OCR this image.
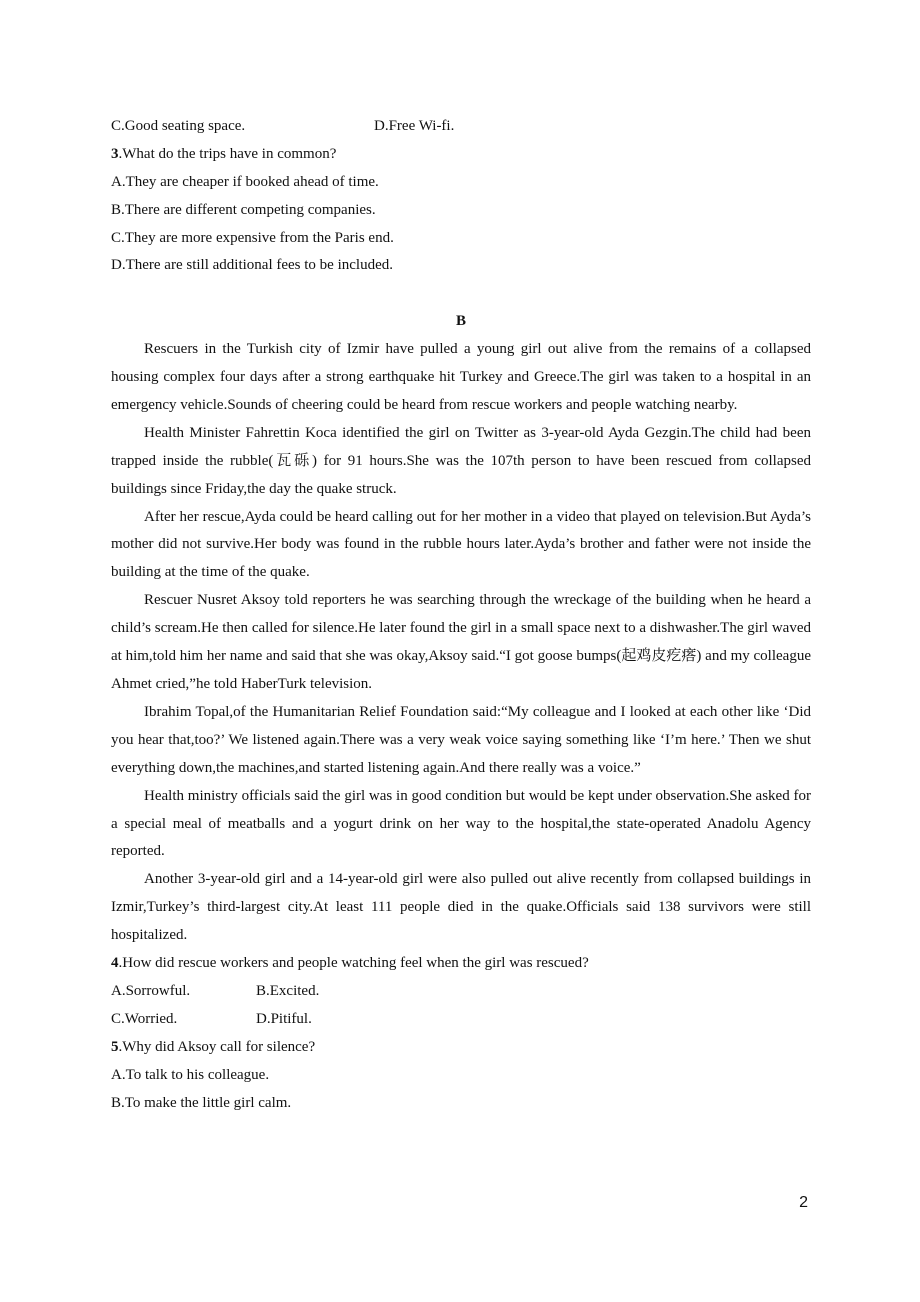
C.Good seating space.	D.Free Wi-fi.
3.What do the trips have in common?
A.They are cheaper if booked ahead of time.
B.There are different competing companies.
C.They are more expensive from the Paris end.
D.There are still additional fees to be included.
B

Rescuers in the Turkish city of Izmir have pulled a young girl out alive from the remains of a collapsed housing complex four days after a strong earthquake hit Turkey and Greece.The girl was taken to a hospital in an emergency vehicle.Sounds of cheering could be heard from rescue workers and people watching nearby.

Health Minister Fahrettin Koca identified the girl on Twitter as 3-year-old Ayda Gezgin.The child had been trapped inside the rubble(瓦砾) for 91 hours.She was the 107th person to have been rescued from collapsed buildings since Friday,the day the quake struck.

After her rescue,Ayda could be heard calling out for her mother in a video that played on television.But Ayda’s mother did not survive.Her body was found in the rubble hours later.Ayda’s brother and father were not inside the building at the time of the quake.

Rescuer Nusret Aksoy told reporters he was searching through the wreckage of the building when he heard a child’s scream.He then called for silence.He later found the girl in a small space next to a dishwasher.The girl waved at him,told him her name and said that she was okay,Aksoy said.“I got goose bumps(起鸡皮疙瘩) and my colleague Ahmet cried,”he told HaberTurk television.

Ibrahim Topal,of the Humanitarian Relief Foundation said:“My colleague and I looked at each other like ‘Did you hear that,too?’ We listened again.There was a very weak voice saying something like ‘I’m here.’ Then we shut everything down,the machines,and started listening again.And there really was a voice.”

Health ministry officials said the girl was in good condition but would be kept under observation.She asked for a special meal of meatballs and a yogurt drink on her way to the hospital,the state-operated Anadolu Agency reported.

Another 3-year-old girl and a 14-year-old girl were also pulled out alive recently from collapsed buildings in Izmir,Turkey’s third-largest city.At least 111 people died in the quake.Officials said 138 survivors were still hospitalized.

4.How did rescue workers and people watching feel when the girl was rescued?
A.Sorrowful.	B.Excited.
C.Worried.	D.Pitiful.
5.Why did Aksoy call for silence?
A.To talk to his colleague.
B.To make the little girl calm.
2
